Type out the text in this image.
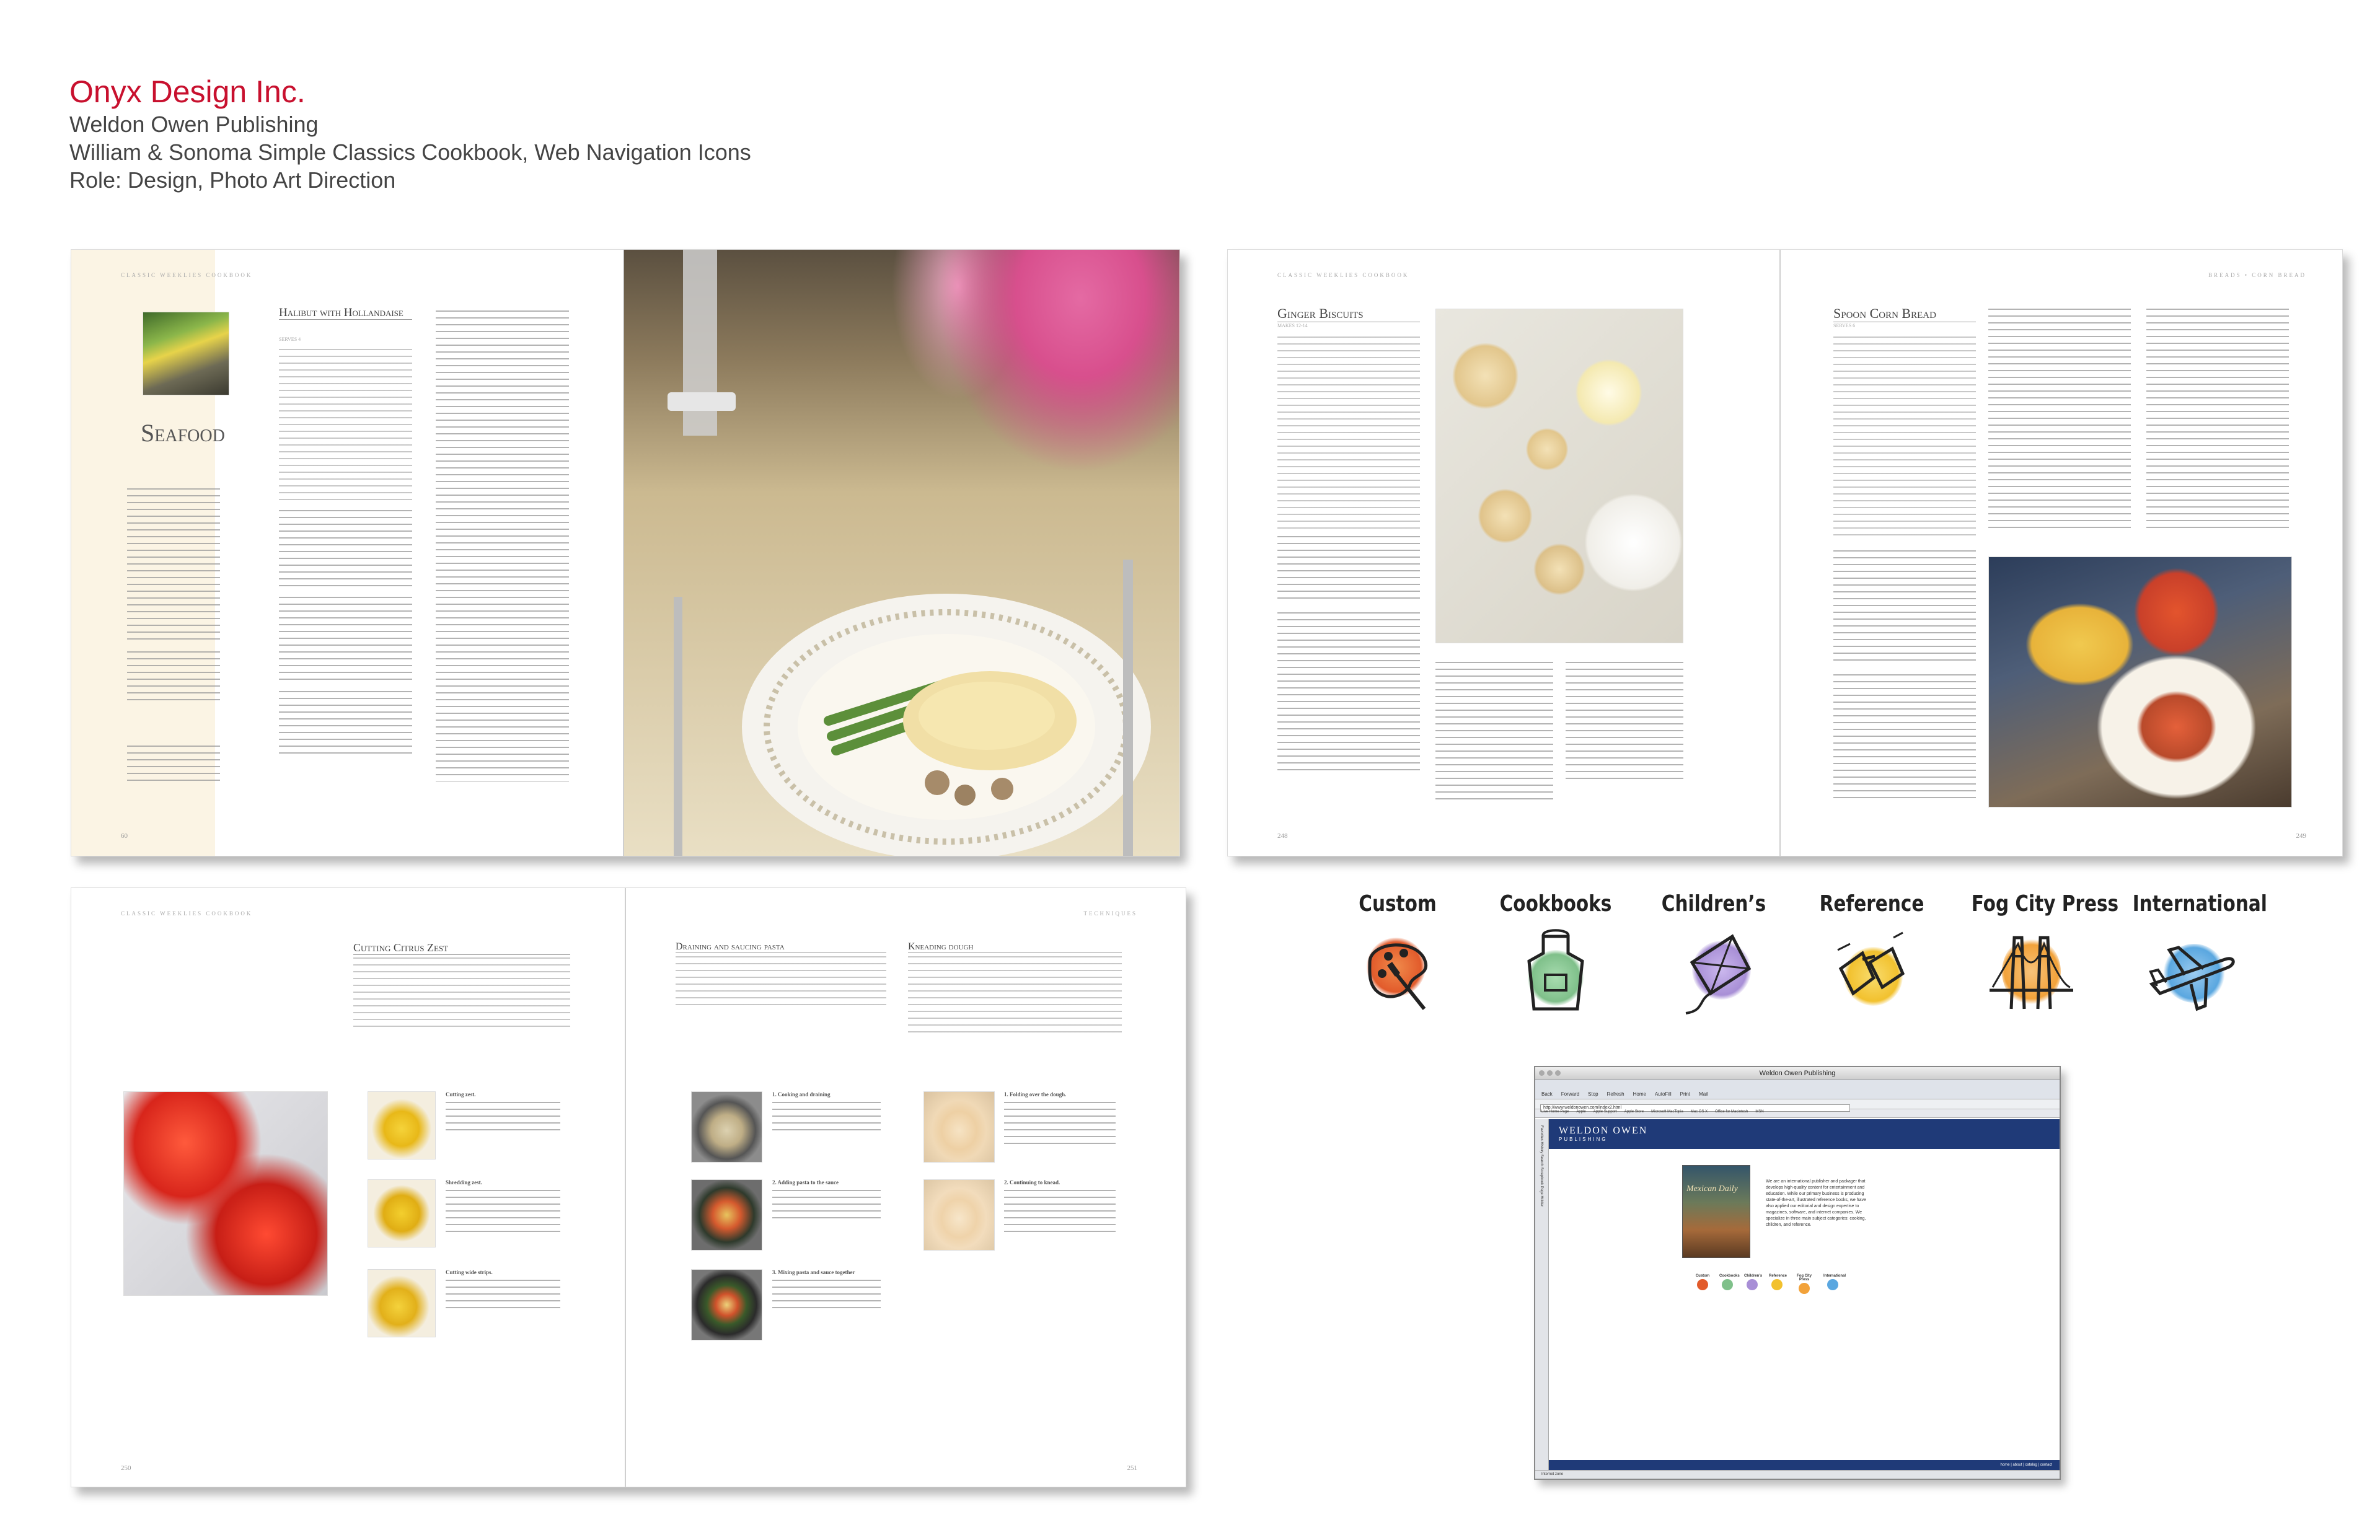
Onyx Design Inc.
Weldon Owen Publishing
William & Sonoma Simple Classics Cookbook, Web Navigation Icons
Role: Design, Photo Art Direction
CLASSIC WEEKLIES COOKBOOK
Seafood
Halibut with Hollandaise
SERVES 4
60
CLASSIC WEEKLIES COOKBOOK
Ginger Biscuits
MAKES 12-14
248
BREADS • CORN BREAD
Spoon Corn Bread
SERVES 6
249
CLASSIC WEEKLIES COOKBOOK
Cutting Citrus Zest
Cutting zest.
Shredding zest.
Cutting wide strips.
250
TECHNIQUES
Draining and saucing pasta	Kneading dough
1. Cooking and draining
2. Adding pasta to the sauce
3. Mixing pasta and sauce together
1. Folding over the dough.
2. Continuing to knead.
251
Custom	Cookbooks Children’s Reference Fog City Press International
Weldon Owen Publishing
Back Forward Stop Refresh Home AutoFill Print Mail
http://www.weldonowen.com/index2.html
Live Home Page Apple Apple Support Apple Store Microsoft MacTopia Mac OS X Office for Macintosh MSN
Favorites History Search Scrapbook Page Holder
WELDON OWEN
PUBLISHING
Mexican Daily
We are an international publisher and packager that develops high-quality content for entertainment and education. While our primary business is producing state-of-the-art, illustrated reference books, we have also applied our editorial and design expertise to magazines, software, and internet companies. We specialize in three main subject categories: cooking, children, and reference.
Custom	Cookbooks Children’s Reference	Fog City Press
International
home | about | catalog | contact
Internet zone
